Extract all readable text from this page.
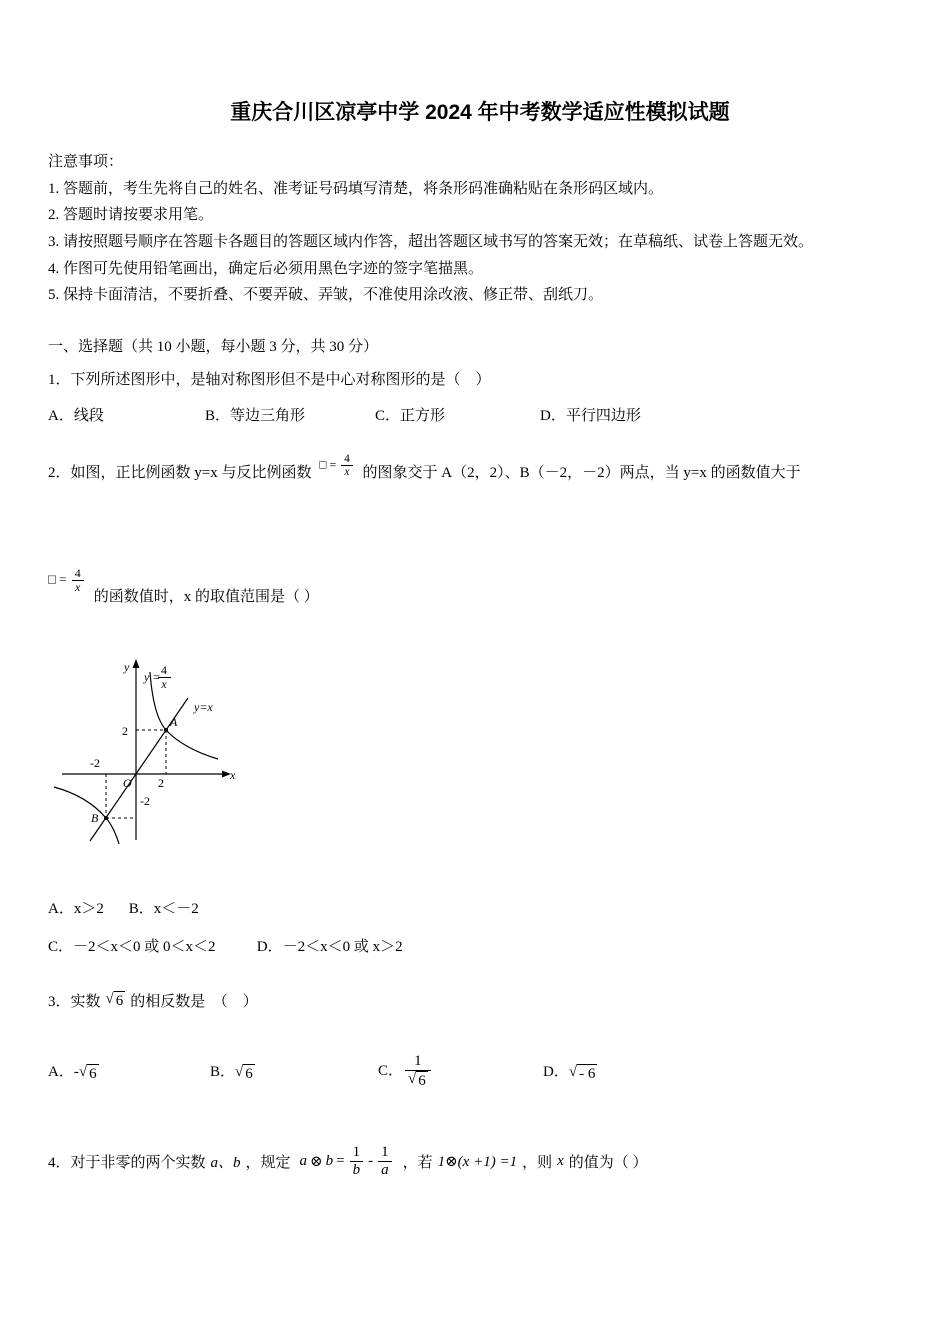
重庆合川区凉亭中学 2024 年中考数学适应性模拟试题
注意事项：
1. 答题前，考生先将自己的姓名、准考证号码填写清楚，将条形码准确粘贴在条形码区域内。
2. 答题时请按要求用笔。
3. 请按照题号顺序在答题卡各题目的答题区域内作答，超出答题区域书写的答案无效；在草稿纸、试卷上答题无效。
4. 作图可先使用铅笔画出，确定后必须用黑色字迹的签字笔描黑。
5. 保持卡面清洁，不要折叠、不要弄破、弄皱，不准使用涂改液、修正带、刮纸刀。
一、选择题（共 10 小题，每小题 3 分，共 30 分）
1．下列所述图形中，是轴对称图形但不是中心对称图形的是（　）
A．线段	B．等边三角形	C．正方形	D．平行四边形
2．如图，正比例函数 y=x 与反比例函数 □ = $\frac{4}{x}$ 的图象交于 A（2，2）、B（－2，－2）两点，当 y=x 的函数值大于
□ = $\frac{4}{x}$
的函数值时，x 的取值范围是（ ）
y = 4
x
y
y=x
2
A
-2
O 2
x
-2
B
A．x＞2 B．x＜－2
C．－2＜x＜0 或 0＜x＜2	D．－2＜x＜0 或 x＞2
3．实数 √ 6 的相反数是　（　）
A．- √ 6	B． √ 6	C． $\frac{1}{√ 6}$	D． √ - 6
4．对于非零的两个实数 a、b ，规定 a ⊗ $b = \frac{1}{b} - \frac{1}{a}$ ，若 1⊗(x +1) =1 ，则 x 的值为（ ）
